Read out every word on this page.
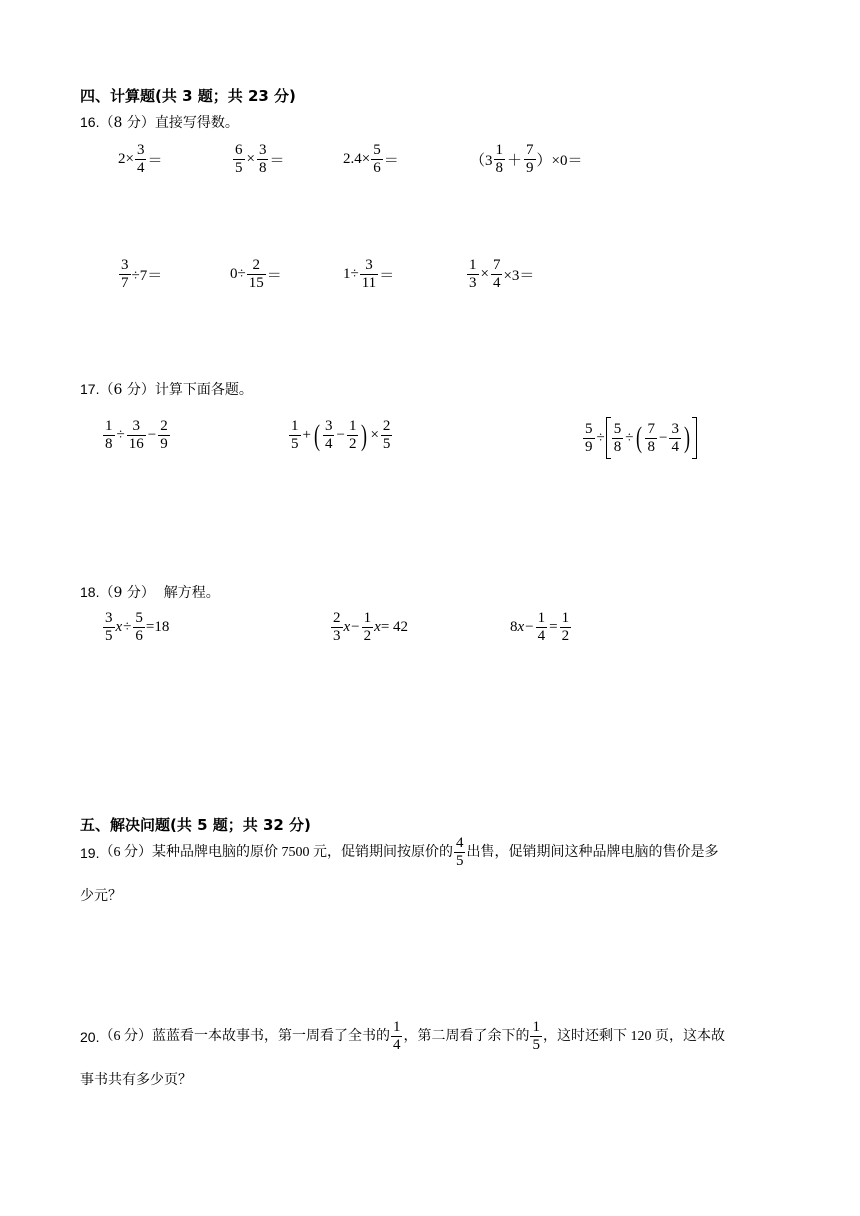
四、计算题(共 3 题；共 23 分)
16.（8 分）直接写得数。
$2\times \frac{3}{4}$ ＝	$\frac{6}{5} \times \frac{3}{8}$ ＝	$2.4\times \frac{5}{6}$ ＝	$(3 \frac{1}{8} + \frac{7}{9} )\times 0=$
$\frac{3}{7} \div 7=$	$0\div \frac{2}{15}$ ＝	$1\div \frac{3}{11}$ ＝	$\frac{1}{3} \times \frac{7}{4} \times 3=$
17.（6 分）计算下面各题。
$\frac{1}{8} \div \frac{3}{16} - \frac{2}{9}$	$\frac{1}{5}$ + ( $\frac{3}{4} - \frac{1}{2}$ ) × $\frac{2}{5}$	$\frac{5}{9} \div \frac{5}{8}$ ÷ ( $\frac{7}{8} - \frac{3}{4}$ )
18.（9 分）  解方程。
$\frac{3}{5}$ $x \div \frac{5}{6} =18$	$\frac{2}{3}$ $x - \frac{1}{2}$ x = 42	8 $x - \frac{1}{4} = \frac{1}{2}$
五、解决问题(共 5 题；共 32 分)
19. （6 分） 某种品牌电脑的原价 7500 元，促销期间按原价的 $\frac{4}{5}$ 出售，促销期间这种品牌电脑的售价是多
少元？
20. （6 分） 蓝蓝看一本故事书，第一周看了全书的 $\frac{1}{4}$ ，第二周看了余下的 $\frac{1}{5}$ ，这时还剩下 120 页，这本故
事书共有多少页？
